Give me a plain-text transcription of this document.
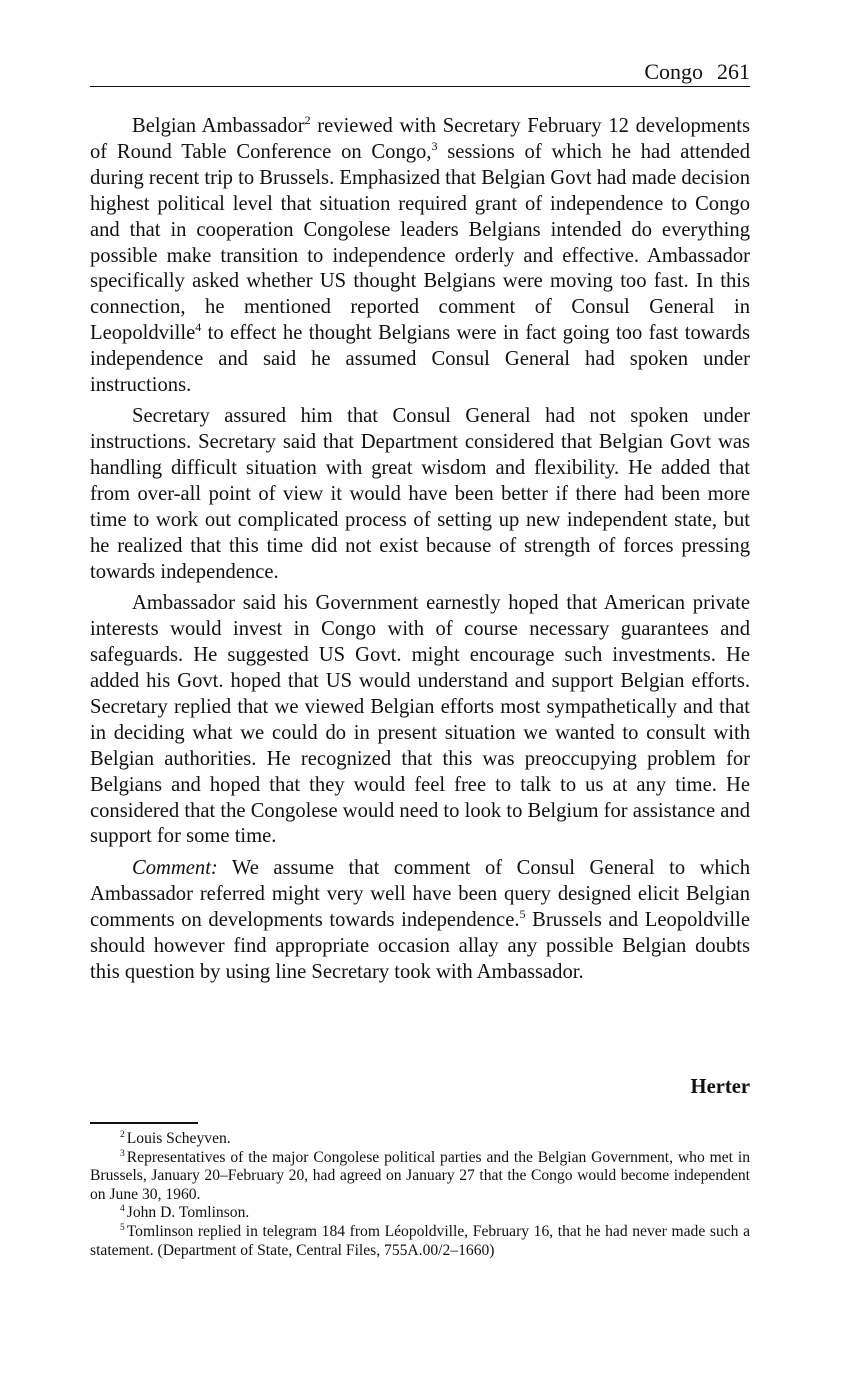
Congo 261

Belgian Ambassador$^2$ reviewed with Secretary February 12 developments of Round Table Conference on Congo,$^3$ sessions of which he had attended during recent trip to Brussels. Emphasized that Belgian Govt had made decision highest political level that situation required grant of independence to Congo and that in cooperation Congolese leaders Belgians intended do everything possible make transition to independence orderly and effective. Ambassador specifically asked whether US thought Belgians were moving too fast. In this connection, he mentioned reported comment of Consul General in Leopoldville$^4$ to effect he thought Belgians were in fact going too fast towards independence and said he assumed Consul General had spoken under instructions.

Secretary assured him that Consul General had not spoken under instructions. Secretary said that Department considered that Belgian Govt was handling difficult situation with great wisdom and flexibility. He added that from over-all point of view it would have been better if there had been more time to work out complicated process of setting up new independent state, but he realized that this time did not exist because of strength of forces pressing towards independence.

Ambassador said his Government earnestly hoped that American private interests would invest in Congo with of course necessary guarantees and safeguards. He suggested US Govt. might encourage such investments. He added his Govt. hoped that US would understand and support Belgian efforts. Secretary replied that we viewed Belgian efforts most sympathetically and that in deciding what we could do in present situation we wanted to consult with Belgian authorities. He recognized that this was preoccupying problem for Belgians and hoped that they would feel free to talk to us at any time. He considered that the Congolese would need to look to Belgium for assistance and support for some time.

Comment: We assume that comment of Consul General to which Ambassador referred might very well have been query designed elicit Belgian comments on developments towards independence.$^5$ Brussels and Leopoldville should however find appropriate occasion allay any possible Belgian doubts this question by using line Secretary took with Ambassador.

Herter

$^2$ Louis Scheyven.

$^3$ Representatives of the major Congolese political parties and the Belgian Government, who met in Brussels, January 20–February 20, had agreed on January 27 that the Congo would become independent on June 30, 1960.

$^4$ John D. Tomlinson.

$^5$ Tomlinson replied in telegram 184 from Léopoldville, February 16, that he had never made such a statement. (Department of State, Central Files, 755A.00/2–1660)
